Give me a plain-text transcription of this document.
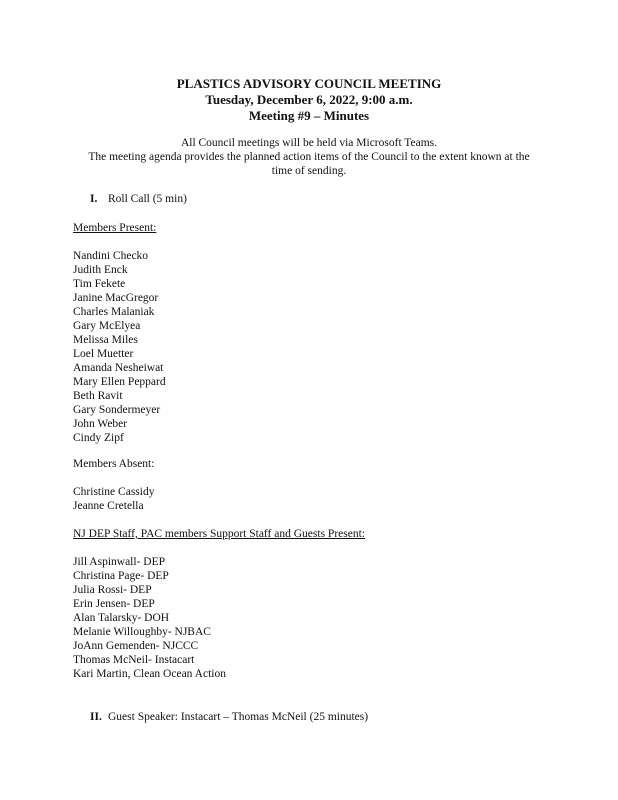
PLASTICS ADVISORY COUNCIL MEETING
Tuesday, December 6, 2022, 9:00 a.m.
Meeting #9 – Minutes
All Council meetings will be held via Microsoft Teams.
The meeting agenda provides the planned action items of the Council to the extent known at the
time of sending.
I. Roll Call (5 min)
Members Present:
Nandini Checko
Judith Enck
Tim Fekete
Janine MacGregor
Charles Malaniak
Gary McElyea
Melissa Miles
Loel Muetter
Amanda Nesheiwat
Mary Ellen Peppard
Beth Ravit
Gary Sondermeyer
John Weber
Cindy Zipf
Members Absent:
Christine Cassidy
Jeanne Cretella
NJ DEP Staff, PAC members Support Staff and Guests Present:
Jill Aspinwall- DEP
Christina Page- DEP
Julia Rossi- DEP
Erin Jensen- DEP
Alan Talarsky- DOH
Melanie Willoughby- NJBAC
JoAnn Gemenden- NJCCC
Thomas McNeil- Instacart
Kari Martin, Clean Ocean Action
II. Guest Speaker: Instacart – Thomas McNeil (25 minutes)
